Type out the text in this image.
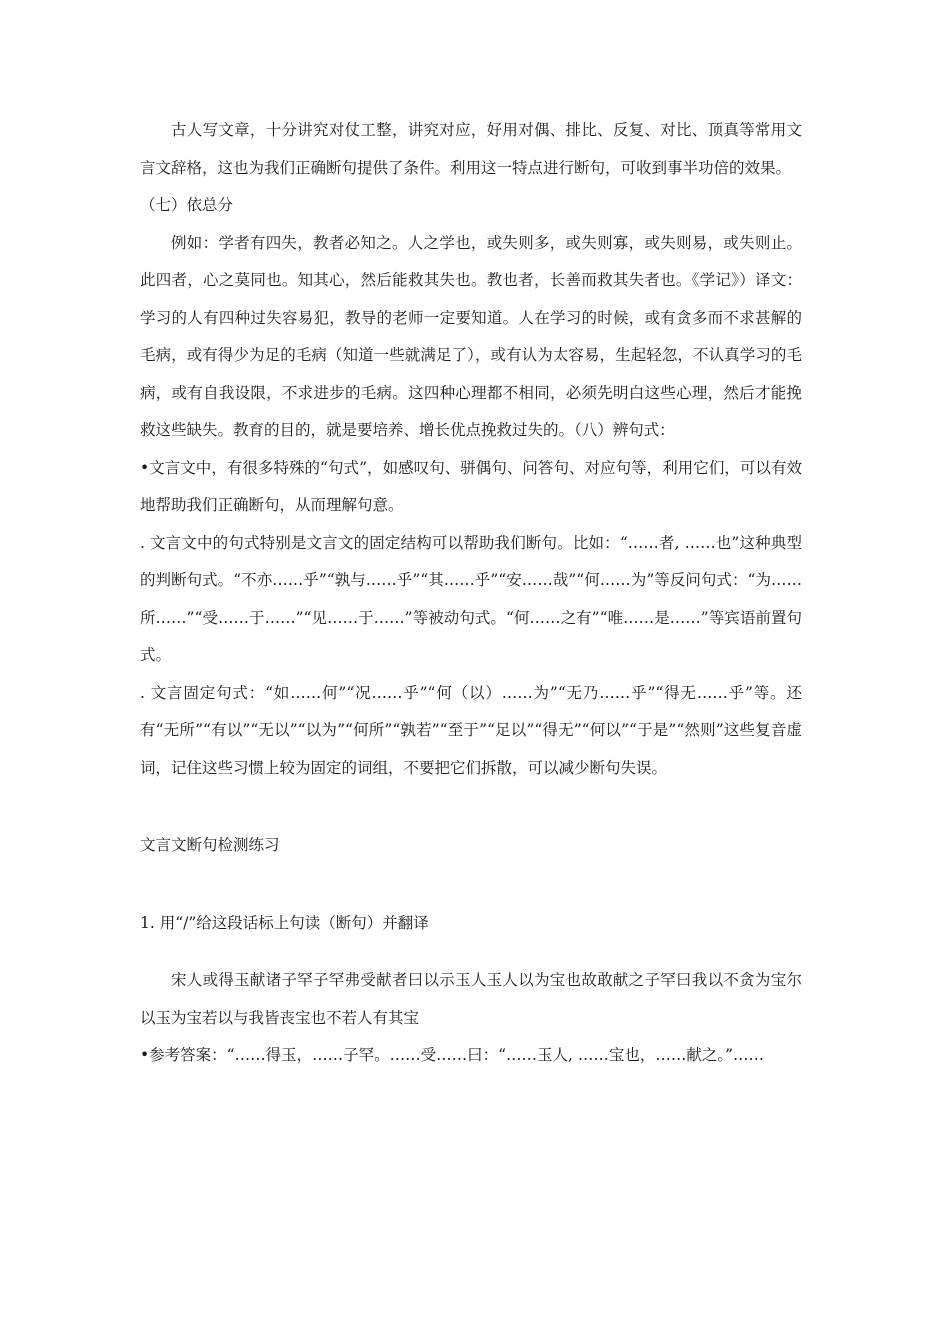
古人写文章，十分讲究对仗工整，讲究对应，好用对偶、排比、反复、对比、顶真等常用文言文辞格，这也为我们正确断句提供了条件。利用这一特点进行断句，可收到事半功倍的效果。

（七）依总分

例如：学者有四失，教者必知之。人之学也，或失则多，或失则寡，或失则易，或失则止。此四者，心之莫同也。知其心，然后能救其失也。教也者，长善而救其失者也。《学记》）译文：学习的人有四种过失容易犯，教导的老师一定要知道。人在学习的时候，或有贪多而不求甚解的毛病，或有得少为足的毛病（知道一些就满足了），或有认为太容易，生起轻忽，不认真学习的毛病，或有自我设限，不求进步的毛病。这四种心理都不相同，必须先明白这些心理，然后才能挽救这些缺失。教育的目的，就是要培养、增长优点挽救过失的。（八）辨句式：

•文言文中，有很多特殊的“句式”，如感叹句、骈偶句、问答句、对应句等，利用它们，可以有效地帮助我们正确断句，从而理解句意。

. 文言文中的句式特别是文言文的固定结构可以帮助我们断句。比如：“……者, ……也”这种典型的判断句式。“不亦……乎”“孰与……乎”“其……乎”“安……哉”“何……为”等反问句式：“为……所……”“受……于……”“见……于……”等被动句式。“何……之有”“唯……是……”等宾语前置句式。

. 文言固定句式：“如……何”“况……乎”“何（以）……为”“无乃……乎”“得无……乎”等。还有“无所”“有以”“无以”“以为”“何所”“孰若”“至于”“足以”“得无”“何以”“于是”“然则”这些复音虚词，记住这些习惯上较为固定的词组，不要把它们拆散，可以减少断句失误。

文言文断句检测练习

1. 用“/”给这段话标上句读（断句）并翻译

宋人或得玉献诸子罕子罕弗受献者曰以示玉人玉人以为宝也故敢献之子罕曰我以不贪为宝尔以玉为宝若以与我皆丧宝也不若人有其宝

•参考答案：“……得玉，……子罕。……受……曰：“……玉人, ……宝也，……献之。”……
